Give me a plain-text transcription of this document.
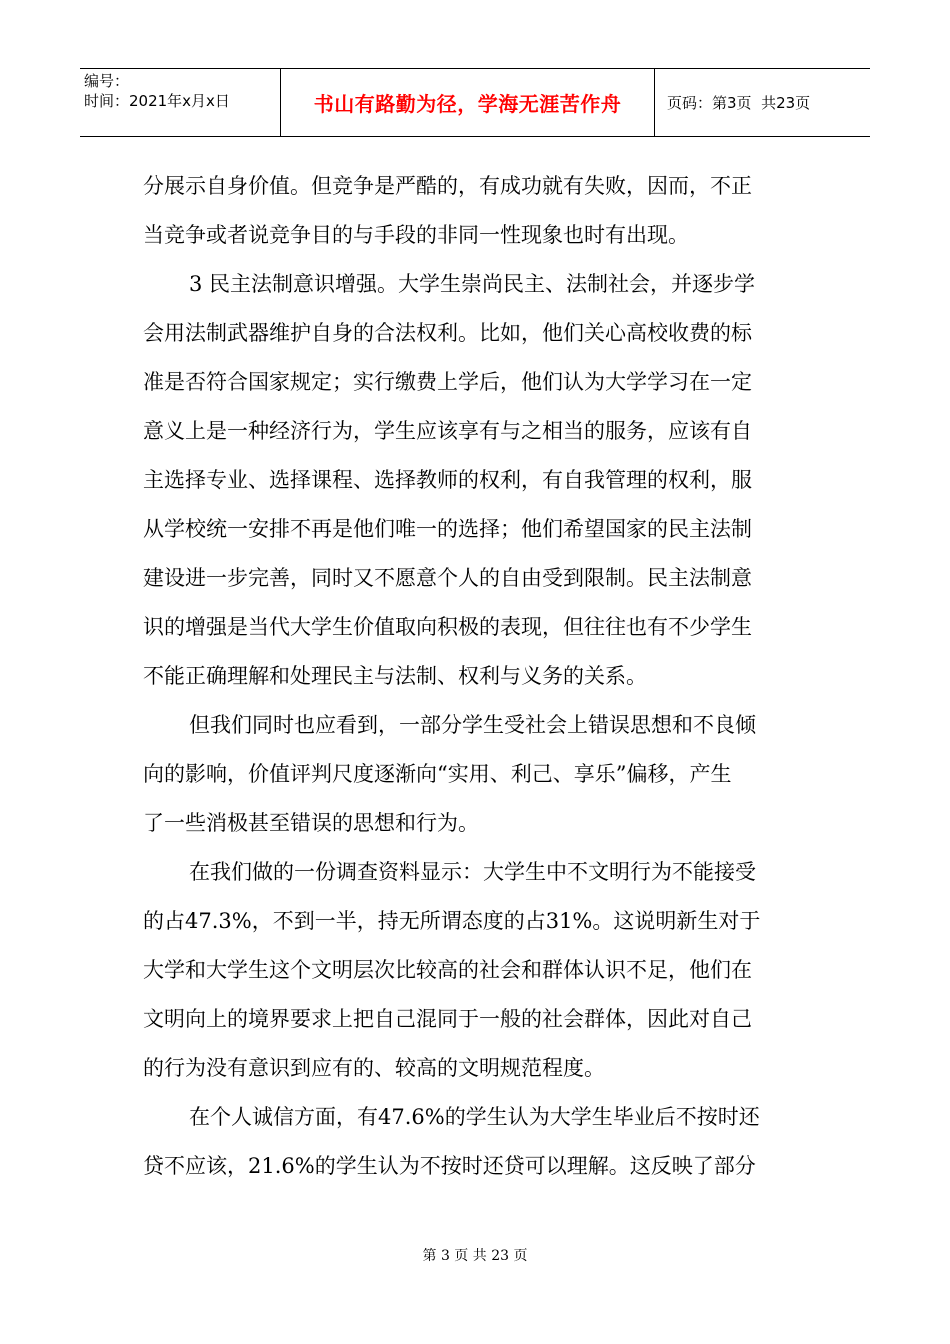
编号：
时间：2021年x月x日	书山有路勤为径，学海无涯苦作舟	页码：第3页  共23页
分展示自身价值。但竞争是严酷的，有成功就有失败，因而，不正
当竞争或者说竞争目的与手段的非同一性现象也时有出现。
3 民主法制意识增强。大学生崇尚民主、法制社会，并逐步学
会用法制武器维护自身的合法权利。比如，他们关心高校收费的标
准是否符合国家规定；实行缴费上学后，他们认为大学学习在一定
意义上是一种经济行为，学生应该享有与之相当的服务，应该有自
主选择专业、选择课程、选择教师的权利，有自我管理的权利，服
从学校统一安排不再是他们唯一的选择；他们希望国家的民主法制
建设进一步完善，同时又不愿意个人的自由受到限制。民主法制意
识的增强是当代大学生价值取向积极的表现，但往往也有不少学生
不能正确理解和处理民主与法制、权利与义务的关系。
但我们同时也应看到，一部分学生受社会上错误思想和不良倾
向的影响，价值评判尺度逐渐向“实用、利己、享乐”偏移，产生
了一些消极甚至错误的思想和行为。
在我们做的一份调查资料显示：大学生中不文明行为不能接受
的占47.3%，不到一半，持无所谓态度的占31%。这说明新生对于
大学和大学生这个文明层次比较高的社会和群体认识不足，他们在
文明向上的境界要求上把自己混同于一般的社会群体，因此对自己
的行为没有意识到应有的、较高的文明规范程度。
在个人诚信方面，有47.6%的学生认为大学生毕业后不按时还
贷不应该，21.6%的学生认为不按时还贷可以理解。这反映了部分
第 3 页 共 23 页
